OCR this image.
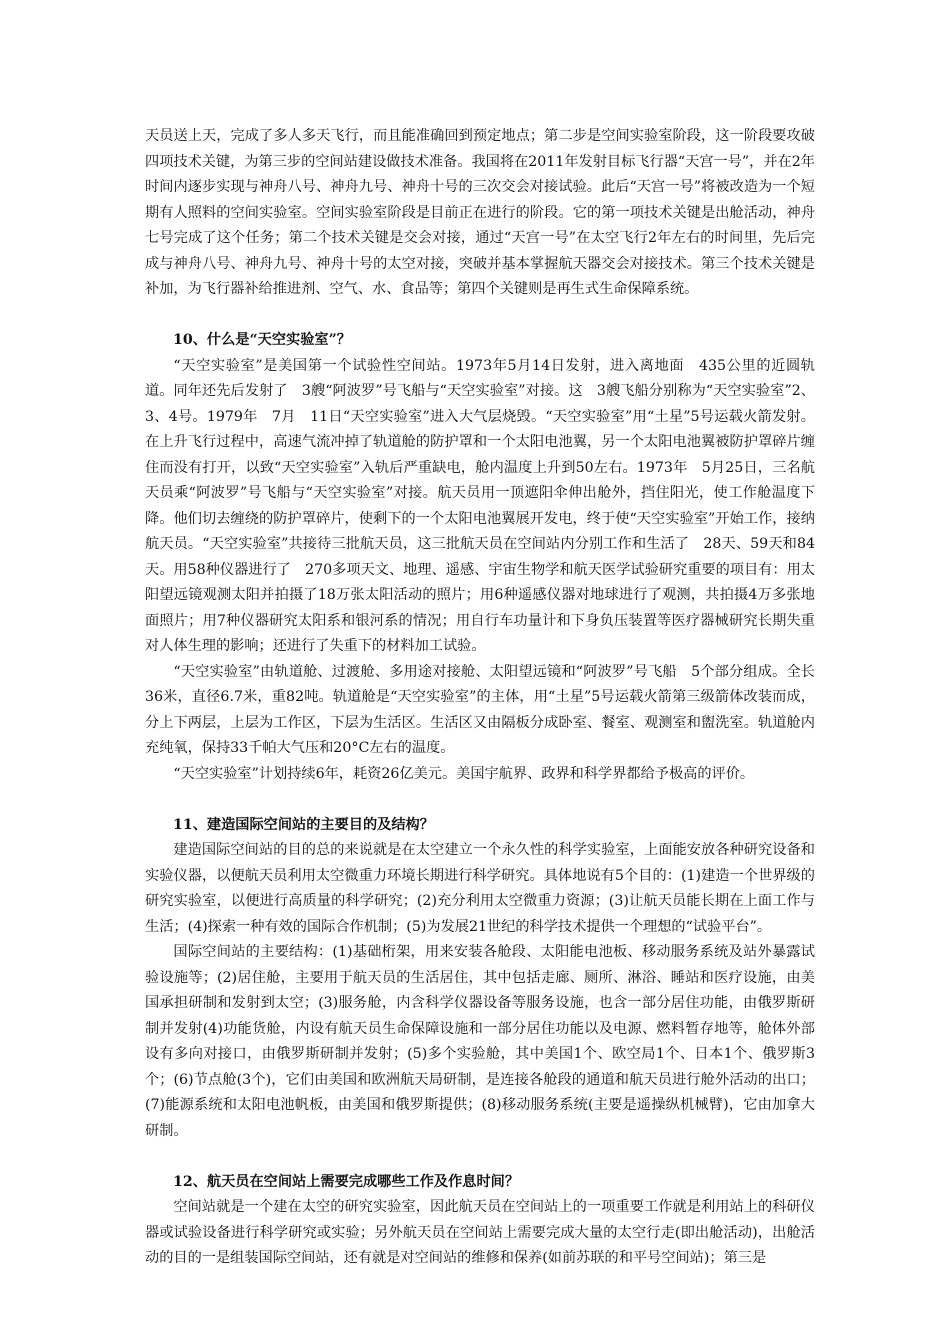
天员送上天，完成了多人多天飞行，而且能准确回到预定地点；第二步是空间实验室阶段，这一阶段要攻破四项技术关键，为第三步的空间站建设做技术准备。我国将在2011年发射目标飞行器“天宫一号”，并在2年时间内逐步实现与神舟八号、神舟九号、神舟十号的三次交会对接试验。此后“天宫一号”将被改造为一个短期有人照料的空间实验室。空间实验室阶段是目前正在进行的阶段。它的第一项技术关键是出舱活动，神舟七号完成了这个任务；第二个技术关键是交会对接，通过“天宫一号”在太空飞行2年左右的时间里，先后完成与神舟八号、神舟九号、神舟十号的太空对接，突破并基本掌握航天器交会对接技术。第三个技术关键是补加，为飞行器补给推进剂、空气、水、食品等；第四个关键则是再生式生命保障系统。

10、什么是“天空实验室”？

“天空实验室”是美国第一个试验性空间站。1973年5月14日发射，进入离地面　435公里的近圆轨道。同年还先后发射了　3艘“阿波罗”号飞船与“天空实验室”对接。这　3艘飞船分别称为“天空实验室”2、3、4号。1979年　7月　11日“天空实验室”进入大气层烧毁。“天空实验室”用“土星”5号运载火箭发射。在上升飞行过程中，高速气流冲掉了轨道舱的防护罩和一个太阳电池翼，另一个太阳电池翼被防护罩碎片缠住而没有打开，以致“天空实验室”入轨后严重缺电，舱内温度上升到50左右。1973年　5月25日，三名航天员乘“阿波罗”号飞船与“天空实验室”对接。航天员用一顶遮阳伞伸出舱外，挡住阳光，使工作舱温度下降。他们切去缠绕的防护罩碎片，使剩下的一个太阳电池翼展开发电，终于使“天空实验室”开始工作，接纳航天员。“天空实验室”共接待三批航天员，这三批航天员在空间站内分别工作和生活了　28天、59天和84天。用58种仪器进行了　270多项天文、地理、遥感、宇宙生物学和航天医学试验研究重要的项目有：用太阳望远镜观测太阳并拍摄了18万张太阳活动的照片；用6种遥感仪器对地球进行了观测，共拍摄4万多张地面照片；用7种仪器研究太阳系和银河系的情况；用自行车功量计和下身负压装置等医疗器械研究长期失重对人体生理的影响；还进行了失重下的材料加工试验。

“天空实验室”由轨道舱、过渡舱、多用途对接舱、太阳望远镜和“阿波罗”号飞船　5个部分组成。全长36米，直径6.7米，重82吨。轨道舱是“天空实验室”的主体，用“土星”5号运载火箭第三级箭体改装而成，分上下两层，上层为工作区，下层为生活区。生活区又由隔板分成卧室、餐室、观测室和盥洗室。轨道舱内充纯氧，保持33千帕大气压和20°C左右的温度。

“天空实验室”计划持续6年，耗资26亿美元。美国宇航界、政界和科学界都给予极高的评价。

11、建造国际空间站的主要目的及结构？

建造国际空间站的目的总的来说就是在太空建立一个永久性的科学实验室，上面能安放各种研究设备和实验仪器，以便航天员利用太空微重力环境长期进行科学研究。具体地说有5个目的：(1)建造一个世界级的研究实验室，以便进行高质量的科学研究；(2)充分利用太空微重力资源；(3)让航天员能长期在上面工作与生活；(4)探索一种有效的国际合作机制；(5)为发展21世纪的科学技术提供一个理想的“试验平台”。

国际空间站的主要结构：(1)基础桁架，用来安装各舱段、太阳能电池板、移动服务系统及站外暴露试验设施等；(2)居住舱，主要用于航天员的生活居住，其中包括走廊、厕所、淋浴、睡站和医疗设施，由美国承担研制和发射到太空；(3)服务舱，内含科学仪器设备等服务设施，也含一部分居住功能，由俄罗斯研制并发射(4)功能货舱，内设有航天员生命保障设施和一部分居住功能以及电源、燃料暂存地等，舱体外部设有多向对接口，由俄罗斯研制并发射；(5)多个实验舱，其中美国1个、欧空局1个、日本1个、俄罗斯3个；(6)节点舱(3个)，它们由美国和欧洲航天局研制，是连接各舱段的通道和航天员进行舱外活动的出口；(7)能源系统和太阳电池帆板，由美国和俄罗斯提供；(8)移动服务系统(主要是遥操纵机械臂)，它由加拿大研制。

12、航天员在空间站上需要完成哪些工作及作息时间？

空间站就是一个建在太空的研究实验室，因此航天员在空间站上的一项重要工作就是利用站上的科研仪器或试验设备进行科学研究或实验；另外航天员在空间站上需要完成大量的太空行走(即出舱活动)，出舱活动的目的一是组装国际空间站，还有就是对空间站的维修和保养(如前苏联的和平号空间站)；第三是
